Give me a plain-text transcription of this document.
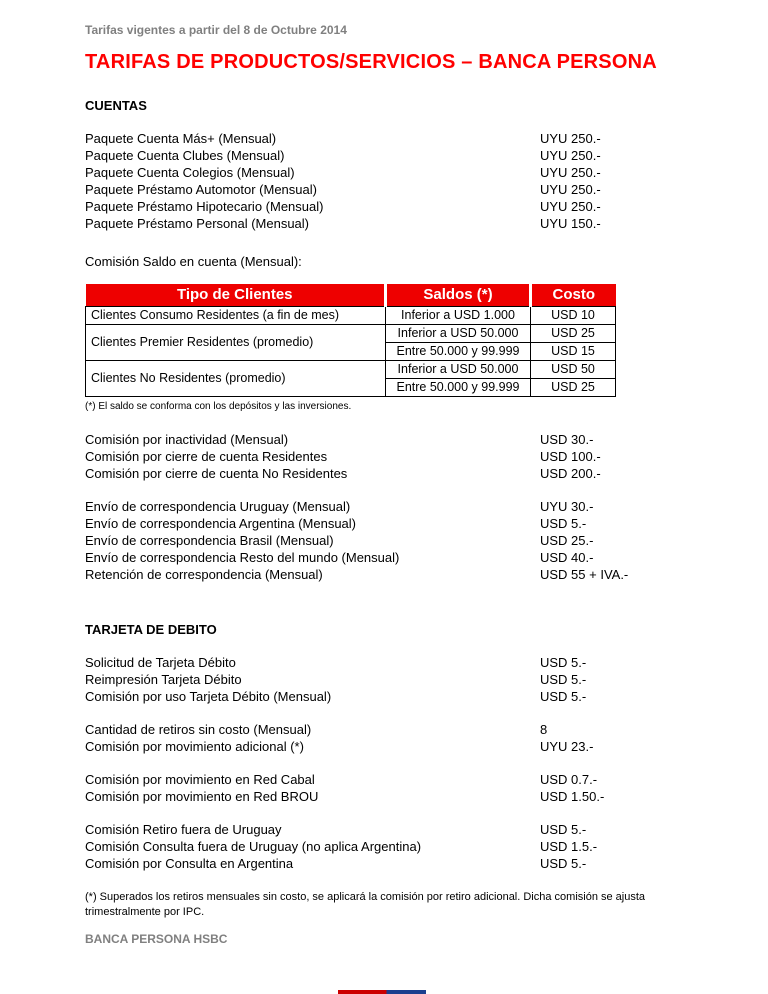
Tarifas vigentes a partir del 8 de Octubre 2014
TARIFAS DE PRODUCTOS/SERVICIOS – BANCA PERSONA
CUENTAS
Paquete Cuenta Más+ (Mensual)	UYU 250.-
Paquete Cuenta Clubes (Mensual)	UYU 250.-
Paquete Cuenta Colegios (Mensual)	UYU 250.-
Paquete Préstamo Automotor (Mensual)	UYU 250.-
Paquete Préstamo Hipotecario (Mensual)	UYU 250.-
Paquete Préstamo Personal (Mensual)	UYU 150.-
Comisión Saldo en cuenta (Mensual):
Tipo de Clientes	Saldos (*)	Costo
Clientes Consumo Residentes (a fin de mes)	Inferior a USD 1.000	USD 10
Clientes Premier Residentes (promedio)	Inferior a USD 50.000	USD 25
	Entre 50.000 y 99.999	USD 15
Clientes No Residentes (promedio)	Inferior a USD 50.000	USD 50
	Entre 50.000 y 99.999	USD 25
(*) El saldo se conforma con los depósitos y las inversiones.
Comisión por inactividad (Mensual)	USD 30.-
Comisión por cierre de cuenta Residentes	USD 100.-
Comisión por cierre de cuenta No Residentes	USD 200.-
Envío de correspondencia Uruguay (Mensual)	UYU 30.-
Envío de correspondencia Argentina (Mensual)	USD 5.-
Envío de correspondencia Brasil (Mensual)	USD 25.-
Envío de correspondencia Resto del mundo (Mensual)	USD 40.-
Retención de correspondencia (Mensual)	USD 55 + IVA.-
TARJETA DE DEBITO
Solicitud de Tarjeta Débito	USD 5.-
Reimpresión Tarjeta Débito	USD 5.-
Comisión por uso Tarjeta Débito (Mensual)	USD 5.-
Cantidad de retiros sin costo (Mensual)	8
Comisión por movimiento adicional (*)	UYU 23.-
Comisión por movimiento en Red Cabal	USD 0.7.-
Comisión por movimiento en Red BROU	USD 1.50.-
Comisión Retiro fuera de Uruguay	USD 5.-
Comisión Consulta fuera de Uruguay (no aplica Argentina)	USD 1.5.-
Comisión por Consulta en Argentina	USD 5.-
(*) Superados los retiros mensuales sin costo, se aplicará la comisión por retiro adicional. Dicha comisión se ajusta trimestralmente por IPC.
BANCA PERSONA HSBC
